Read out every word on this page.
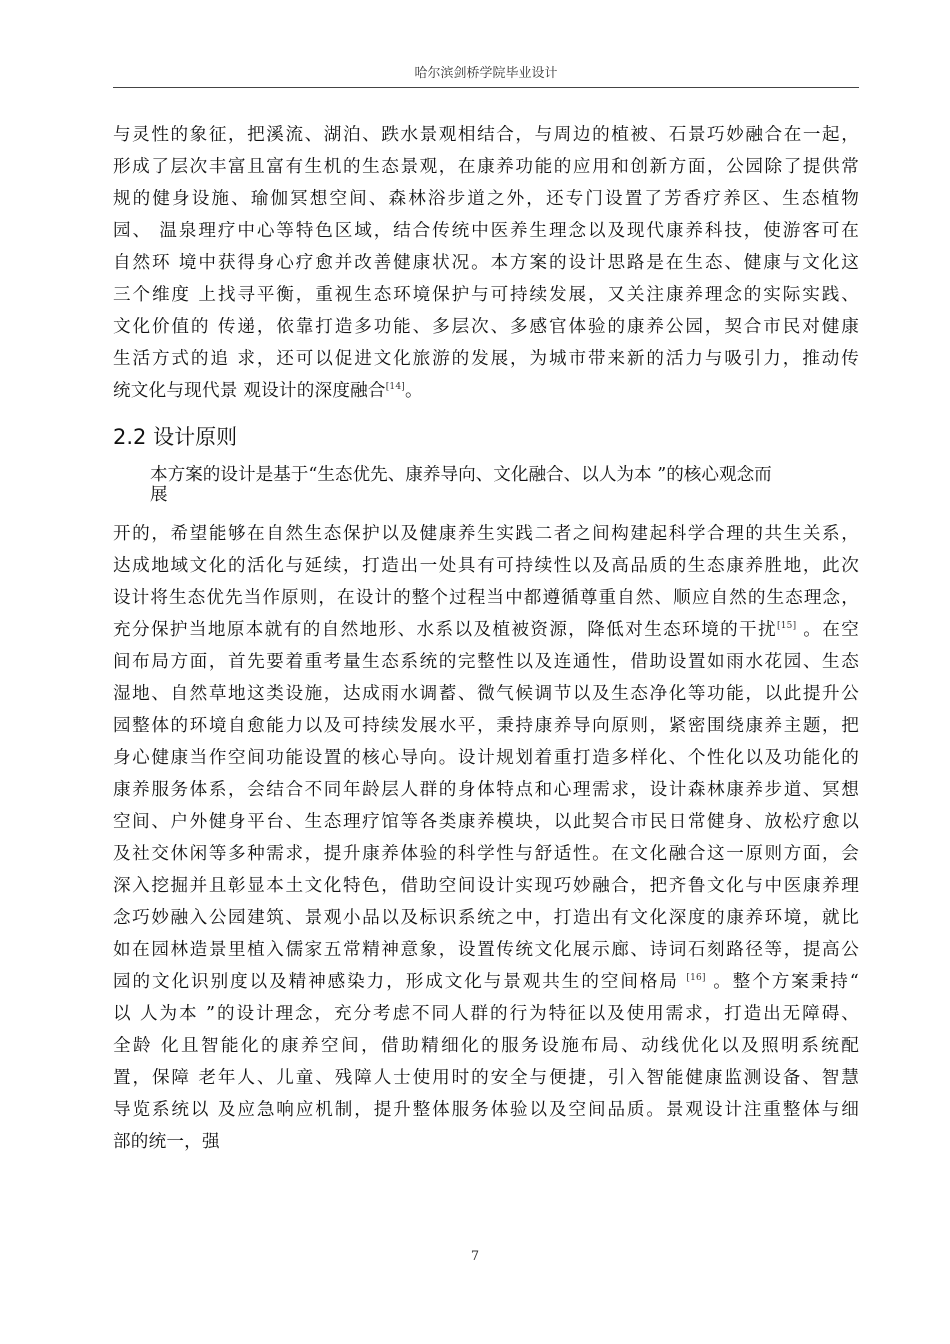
哈尔滨剑桥学院毕业设计
与灵性的象征，把溪流、湖泊、跌水景观相结合，与周边的植被、石景巧妙融合在一起，
形成了层次丰富且富有生机的生态景观，在康养功能的应用和创新方面，公园除了提供常
规的健身设施、瑜伽冥想空间、森林浴步道之外，还专门设置了芳香疗养区、生态植物
园、 温泉理疗中心等特色区域，结合传统中医养生理念以及现代康养科技，使游客可在
自然环 境中获得身心疗愈并改善健康状况。本方案的设计思路是在生态、健康与文化这
三个维度 上找寻平衡，重视生态环境保护与可持续发展，又关注康养理念的实际实践、
文化价值的 传递，依靠打造多功能、多层次、多感官体验的康养公园，契合市民对健康
生活方式的追 求，还可以促进文化旅游的发展，为城市带来新的活力与吸引力，推动传
统文化与现代景 观设计的深度融合[14]。
2.2 设计原则
本方案的设计是基于“生态优先、康养导向、文化融合、以人为本 ”的核心观念而
展
开的，希望能够在自然生态保护以及健康养生实践二者之间构建起科学合理的共生关系，
达成地域文化的活化与延续，打造出一处具有可持续性以及高品质的生态康养胜地，此次
设计将生态优先当作原则，在设计的整个过程当中都遵循尊重自然、顺应自然的生态理念，
充分保护当地原本就有的自然地形、水系以及植被资源，降低对生态环境的干扰[15] 。在空
间布局方面，首先要着重考量生态系统的完整性以及连通性，借助设置如雨水花园、生态
湿地、自然草地这类设施，达成雨水调蓄、微气候调节以及生态净化等功能，以此提升公
园整体的环境自愈能力以及可持续发展水平，秉持康养导向原则，紧密围绕康养主题，把
身心健康当作空间功能设置的核心导向。设计规划着重打造多样化、个性化以及功能化的
康养服务体系，会结合不同年龄层人群的身体特点和心理需求，设计森林康养步道、冥想
空间、户外健身平台、生态理疗馆等各类康养模块，以此契合市民日常健身、放松疗愈以
及社交休闲等多种需求，提升康养体验的科学性与舒适性。在文化融合这一原则方面，会
深入挖掘并且彰显本土文化特色，借助空间设计实现巧妙融合，把齐鲁文化与中医康养理
念巧妙融入公园建筑、景观小品以及标识系统之中，打造出有文化深度的康养环境，就比
如在园林造景里植入儒家五常精神意象，设置传统文化展示廊、诗词石刻路径等，提高公
园的文化识别度以及精神感染力，形成文化与景观共生的空间格局 [16] 。整个方案秉持“
以 人为本 ”的设计理念，充分考虑不同人群的行为特征以及使用需求，打造出无障碍、
全龄 化且智能化的康养空间，借助精细化的服务设施布局、动线优化以及照明系统配
置，保障 老年人、儿童、残障人士使用时的安全与便捷，引入智能健康监测设备、智慧
导览系统以 及应急响应机制，提升整体服务体验以及空间品质。景观设计注重整体与细
部的统一，强
7
